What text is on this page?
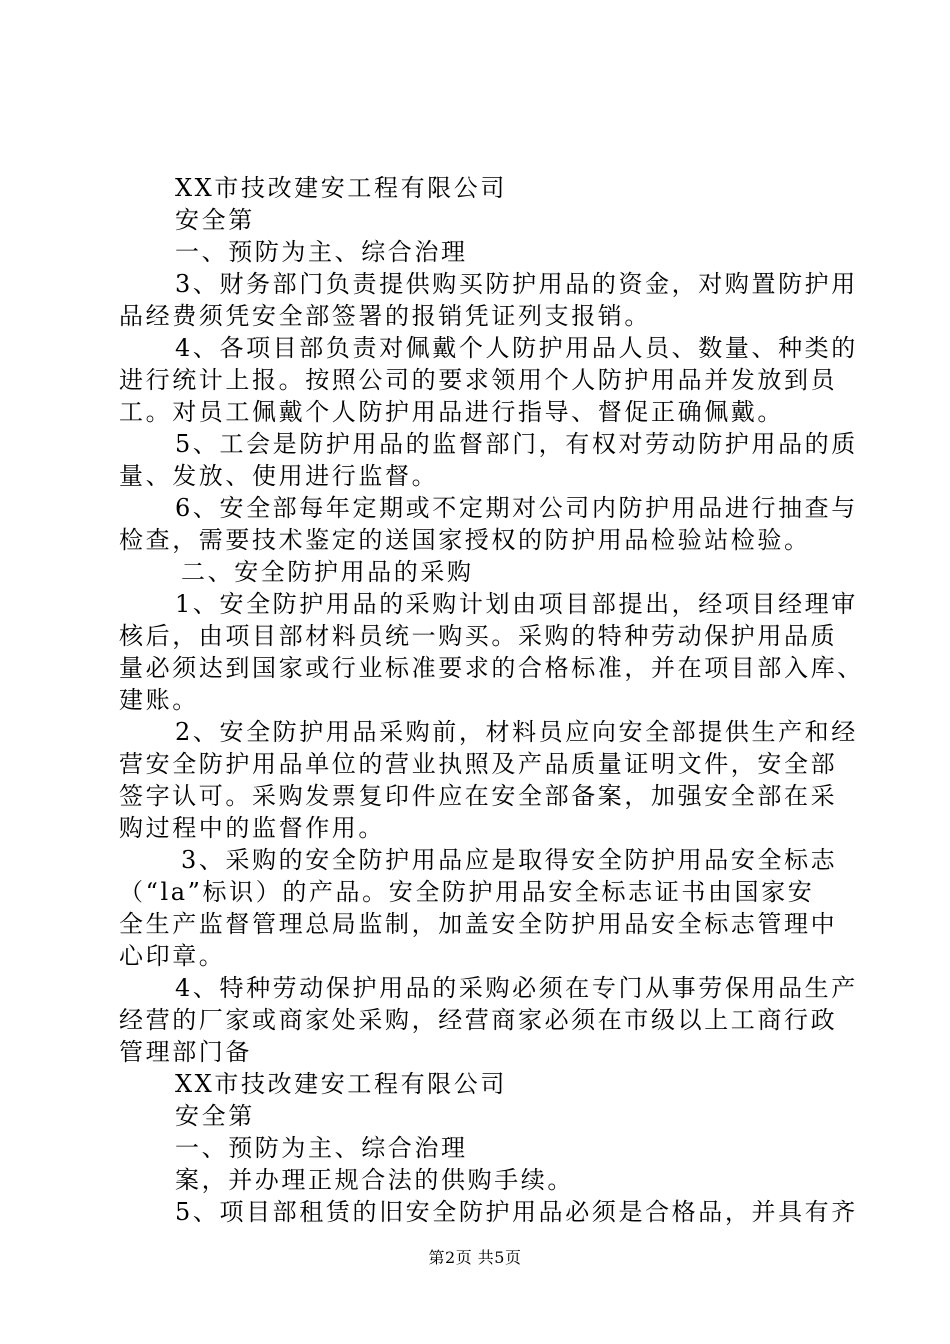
XX市技改建安工程有限公司
安全第
一、预防为主、综合治理
3、财务部门负责提供购买防护用品的资金，对购置防护用
品经费须凭安全部签署的报销凭证列支报销。
4、各项目部负责对佩戴个人防护用品人员、数量、种类的
进行统计上报。按照公司的要求领用个人防护用品并发放到员
工。对员工佩戴个人防护用品进行指导、督促正确佩戴。
5、工会是防护用品的监督部门，有权对劳动防护用品的质
量、发放、使用进行监督。
6、安全部每年定期或不定期对公司内防护用品进行抽查与
检查，需要技术鉴定的送国家授权的防护用品检验站检验。
二、安全防护用品的采购
1、安全防护用品的采购计划由项目部提出，经项目经理审
核后，由项目部材料员统一购买。采购的特种劳动保护用品质
量必须达到国家或行业标准要求的合格标准，并在项目部入库、
建账。
2、安全防护用品采购前，材料员应向安全部提供生产和经
营安全防护用品单位的营业执照及产品质量证明文件，安全部
签字认可。采购发票复印件应在安全部备案，加强安全部在采
购过程中的监督作用。
3、采购的安全防护用品应是取得安全防护用品安全标志
（“la”标识）的产品。安全防护用品安全标志证书由国家安
全生产监督管理总局监制，加盖安全防护用品安全标志管理中
心印章。
4、特种劳动保护用品的采购必须在专门从事劳保用品生产
经营的厂家或商家处采购，经营商家必须在市级以上工商行政
管理部门备
XX市技改建安工程有限公司
安全第
一、预防为主、综合治理
案，并办理正规合法的供购手续。
5、项目部租赁的旧安全防护用品必须是合格品，并具有齐
第2页 共5页
